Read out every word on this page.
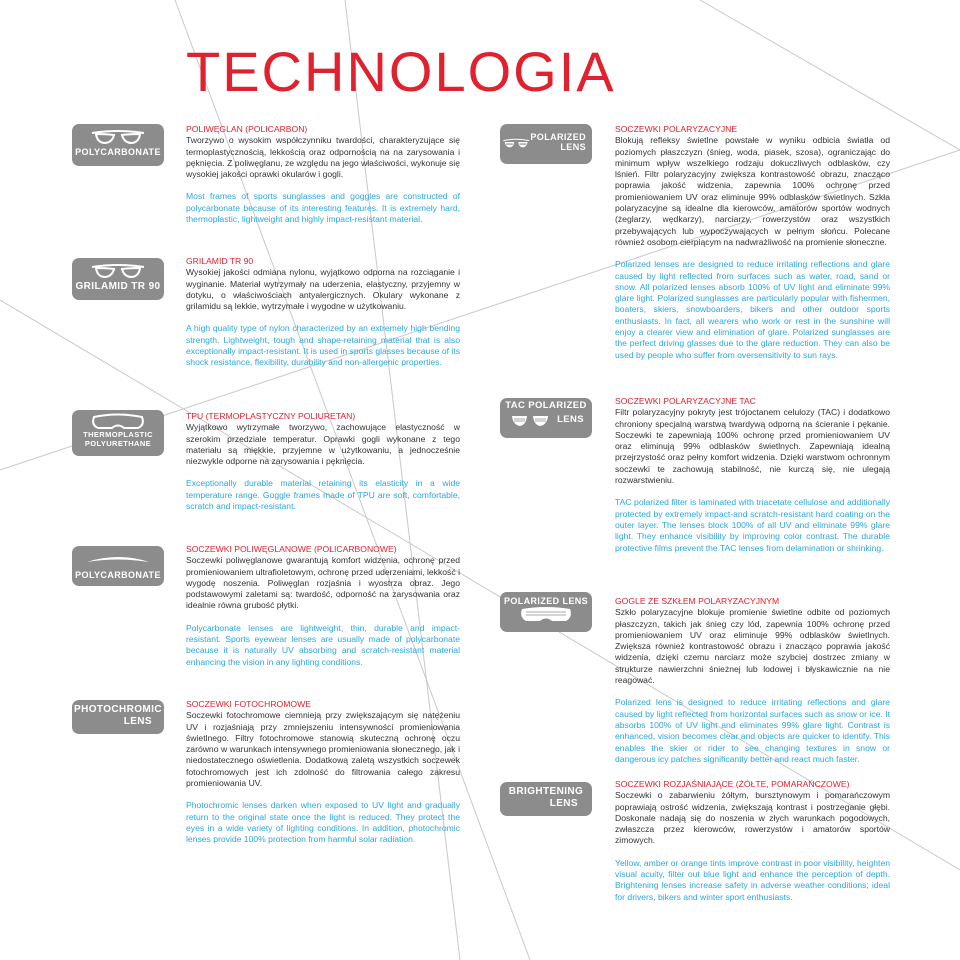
TECHNOLOGIA
POLYCARBONATE
GRILAMID TR 90
THERMOPLASTIC
POLYURETHANE
POLYCARBONATE
PHOTOCHROMIC
LENS
POLARIZED
LENS
TAC POLARIZED
LENS
POLARIZED LENS
BRIGHTENING
LENS
POLIWĘGLAN (POLICARBON)
Tworzywo o wysokim współczynniku twardości, charakteryzujące się termoplastycznością, lekkością oraz odpornością na na zarysowania i pęknięcia. Z poliwęglanu, ze względu na jego właściwości, wykonuje się wysokiej jakości oprawki okularów i gogli.
Most frames of sports sunglasses and goggles are constructed of polycarbonate because of its interesting features. It is extremely hard, thermoplastic, lightweight and highly impact-resistant material.
GRILAMID TR 90
Wysokiej jakości odmiana nylonu, wyjątkowo odporna na rozciąganie i wyginanie. Materiał wytrzymały na uderzenia, elastyczny, przyjemny w dotyku, o właściwościach antyalergicznych. Okulary wykonane z grilamidu są lekkie, wytrzymałe i wygodne w użytkowaniu.
A high quality type of nylon characterized by an extremely high bending strength. Lightweight, tough and shape-retaining material that is also exceptionally impact-resistant. It is used in sports glasses because of its shock resistance, flexibility, durability and non-allergenic properties.
TPU (TERMOPLASTYCZNY POLIURETAN)
Wyjątkowo wytrzymałe tworzywo, zachowujące elastyczność w szerokim przedziale temperatur. Oprawki gogli wykonane z tego materiału są miękkie, przyjemne w użytkowaniu, a jednocześnie niezwykle odporne na zarysowania i pęknięcia.
Exceptionally durable material retaining its elasticity in a wide temperature range. Goggle frames made of TPU are soft, comfortable, scratch and impact-resistant.
SOCZEWKI POLIWĘGLANOWE (POLICARBONOWE)
Soczewki poliwęglanowe gwarantują komfort widzenia, ochronę przed promieniowaniem ultrafioletowym, ochronę przed uderzeniami, lekkość i wygodę noszenia. Poliwęglan rozjaśnia i wyostrza obraz. Jego podstawowymi zaletami są: twardość, odporność na zarysowania oraz idealnie równa grubość płytki.
Polycarbonate lenses are lightweight, thin, durable and impact-resistant. Sports eyewear lenses are usually made of polycarbonate because it is naturally UV absorbing and scratch-resistant material enhancing the vision in any lighting conditions.
SOCZEWKI FOTOCHROMOWE
Soczewki fotochromowe ciemnieją przy zwiększającym się natężeniu UV i rozjaśniają przy zmniejszeniu intensywności promieniowania świetlnego. Filtry fotochromowe stanowią skuteczną ochronę oczu zarówno w warunkach intensywnego promieniowania słonecznego, jak i niedostatecznego oświetlenia. Dodatkową zaletą wszystkich soczewek fotochromowych jest ich zdolność do filtrowania całego zakresu promieniowania UV.
Photochromic lenses darken when exposed to UV light and gradually return to the original state once the light is reduced. They protect the eyes in a wide variety of lighting conditions. In addition, photochromic lenses provide 100% protection from harmful solar radiation.
SOCZEWKI POLARYZACYJNE
Blokują refleksy świetlne powstałe w wyniku odbicia światła od poziomych płaszczyzn (śnieg, woda, piasek, szosa), ograniczając do minimum wpływ wszelkiego rodzaju dokuczliwych odblasków, czy lśnień. Filtr polaryzacyjny zwiększa kontrastowość obrazu, znacząco poprawia jakość widzenia, zapewnia 100% ochronę przed promieniowaniem UV oraz eliminuje 99% odblasków świetlnych. Szkła polaryzacyjne są idealne dla kierowców, amatorów sportów wodnych (żeglarzy, wędkarzy), narciarzy, rowerzystów oraz wszystkich przebywających lub wypoczywających w pełnym słońcu. Polecane również osobom cierpiącym na nadwrażliwość na promienie słoneczne.
Polarized lenses are designed to reduce irritating reflections and glare caused by light reflected from surfaces such as water, road, sand or snow. All polarized lenses absorb 100% of UV light and eliminate 99% glare light. Polarized sunglasses are particularly popular with fishermen, boaters, skiers, snowboarders, bikers and other outdoor sports enthusiasts. In fact, all wearers who work or rest in the sunshine will enjoy a clearer view and elimination of glare. Polarized sunglasses are the perfect driving glasses due to the glare reduction. They can also be used by people who suffer from oversensitivity to sun rays.
SOCZEWKI POLARYZACYJNE TAC
Filtr polaryzacyjny pokryty jest trójoctanem celulozy (TAC) i dodatkowo chroniony specjalną warstwą twardywą odporną na ścieranie i pękanie. Soczewki te zapewniają 100% ochronę przed promieniowaniem UV oraz eliminują 99% odblasków świetlnych. Zapewniają idealną przejrzystość oraz pełny komfort widzenia. Dzięki warstwom ochronnym soczewki te zachowują stabilność, nie kurczą się, nie ulegają rozwarstwieniu.
TAC polarized filter is laminated with triacetate cellulose and additionally protected by extremely impact-and scratch-resistant hard coating on the outer layer. The lenses block 100% of all UV and eliminate 99% glare light. They enhance visibility by improving color contrast. The durable protective films prevent the TAC lenses from delamination or shrinking.
GOGLE ZE SZKŁEM POLARYZACYJNYM
Szkło polaryzacyjne blokuje promienie świetlne odbite od poziomych płaszczyzn, takich jak śnieg czy lód, zapewnia 100% ochronę przed promieniowaniem UV oraz eliminuje 99% odblasków świetlnych. Zwiększa również kontrastowość obrazu i znacząco poprawia jakość widzenia, dzięki czemu narciarz może szybciej dostrzec zmiany w strukturze nawierzchni śnieżnej lub lodowej i błyskawicznie na nie reagować.
Polarized lens is designed to reduce irritating reflections and glare caused by light reflected from horizontal surfaces such as snow or ice. It absorbs 100% of UV light and eliminates 99% glare light. Contrast is enhanced, vision becomes clear and objects are quicker to identify. This enables the skier or rider to see changing textures in snow or dangerous icy patches significantly better and react much faster.
SOCZEWKI ROZJAŚNIAJĄCE (ŻÓŁTE, POMARAŃCZOWE)
Soczewki o zabarwieniu żółtym, bursztynowym i pomarańczowym poprawiają ostrość widzenia, zwiększają kontrast i postrzeganie głębi. Doskonale nadają się do noszenia w złych warunkach pogodowych, zwłaszcza przez kierowców, rowerzystów i amatorów sportów zimowych.
Yellow, amber or orange tints improve contrast in poor visibility, heighten visual acuity, filter out blue light and enhance the perception of depth. Brightening lenses increase safety in adverse weather conditions; ideal for drivers, bikers and winter sport enthusiasts.
